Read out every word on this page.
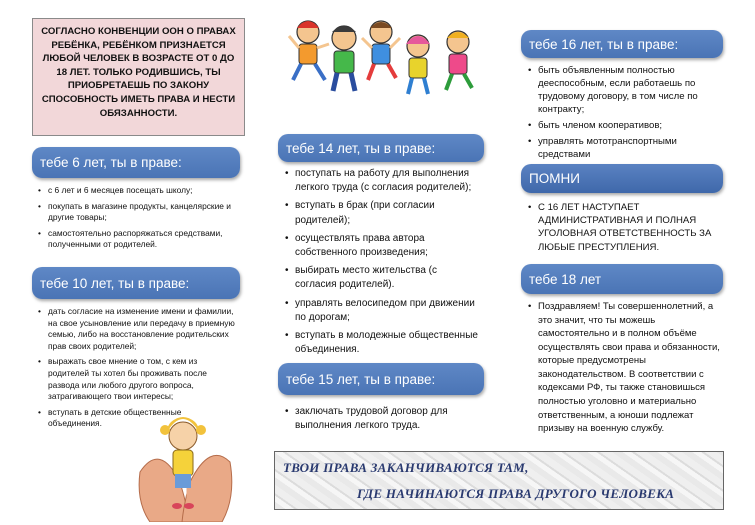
СОГЛАСНО КОНВЕНЦИИ ООН О ПРАВАХ РЕБЁНКА, РЕБЁНКОМ ПРИЗНАЕТСЯ ЛЮБОЙ ЧЕЛОВЕК В ВОЗРАСТЕ ОТ 0 ДО 18 ЛЕТ. ТОЛЬКО РОДИВШИСЬ, ТЫ ПРИОБРЕТАЕШЬ ПО ЗАКОНУ СПОСОБНОСТЬ ИМЕТЬ ПРАВА И НЕСТИ ОБЯЗАННОСТИ.
тебе 6 лет, ты в праве:
• с 6 лет и 6 месяцев посещать школу;
• покупать в магазине продукты, канцелярские и другие товары;
• самостоятельно распоряжаться средствами, полученными от родителей.
тебе 10 лет, ты в праве:
• дать согласие на изменение имени и фамилии, на свое усыновление или передачу в приемную семью, либо на восстановление родительских прав своих родителей;
• выражать свое мнение о том, с кем из родителей ты хотел бы проживать после развода или любого другого вопроса, затрагивающего твои интересы;
• вступать в детские общественные объединения.
тебе 14 лет, ты в праве:
• поступать на работу для выполнения легкого труда (с согласия родителей);
• вступать в брак (при согласии родителей);
• осуществлять права автора собственного произведения;
• выбирать место жительства (с согласия родителей).
• управлять велосипедом при движении по дорогам;
• вступать в молодежные общественные объединения.
тебе 15 лет, ты в праве:
• заключать трудовой договор для выполнения легкого труда.
тебе 16 лет, ты в праве:
• быть объявленным полностью дееспособным, если работаешь по трудовому договору, в том числе по контракту;
• быть членом кооперативов;
• управлять мототранспортными средствами
ПОМНИ
• С 16 ЛЕТ НАСТУПАЕТ АДМИНИСТРАТИВНАЯ И ПОЛНАЯ УГОЛОВНАЯ ОТВЕТСТВЕННОСТЬ ЗА ЛЮБЫЕ ПРЕСТУПЛЕНИЯ.
тебе 18 лет
• Поздравляем! Ты совершеннолетний, а это значит, что ты можешь самостоятельно и в полном объёме осуществлять свои права и обязанности, которые предусмотрены законодательством. В соответствии с кодексами РФ, ты также становишься полностью уголовно и материально ответственным, а юноши подлежат призыву на военную службу.
ТВОИ ПРАВА ЗАКАНЧИВАЮТСЯ ТАМ,
ГДЕ НАЧИНАЮТСЯ ПРАВА ДРУГОГО ЧЕЛОВЕКА
